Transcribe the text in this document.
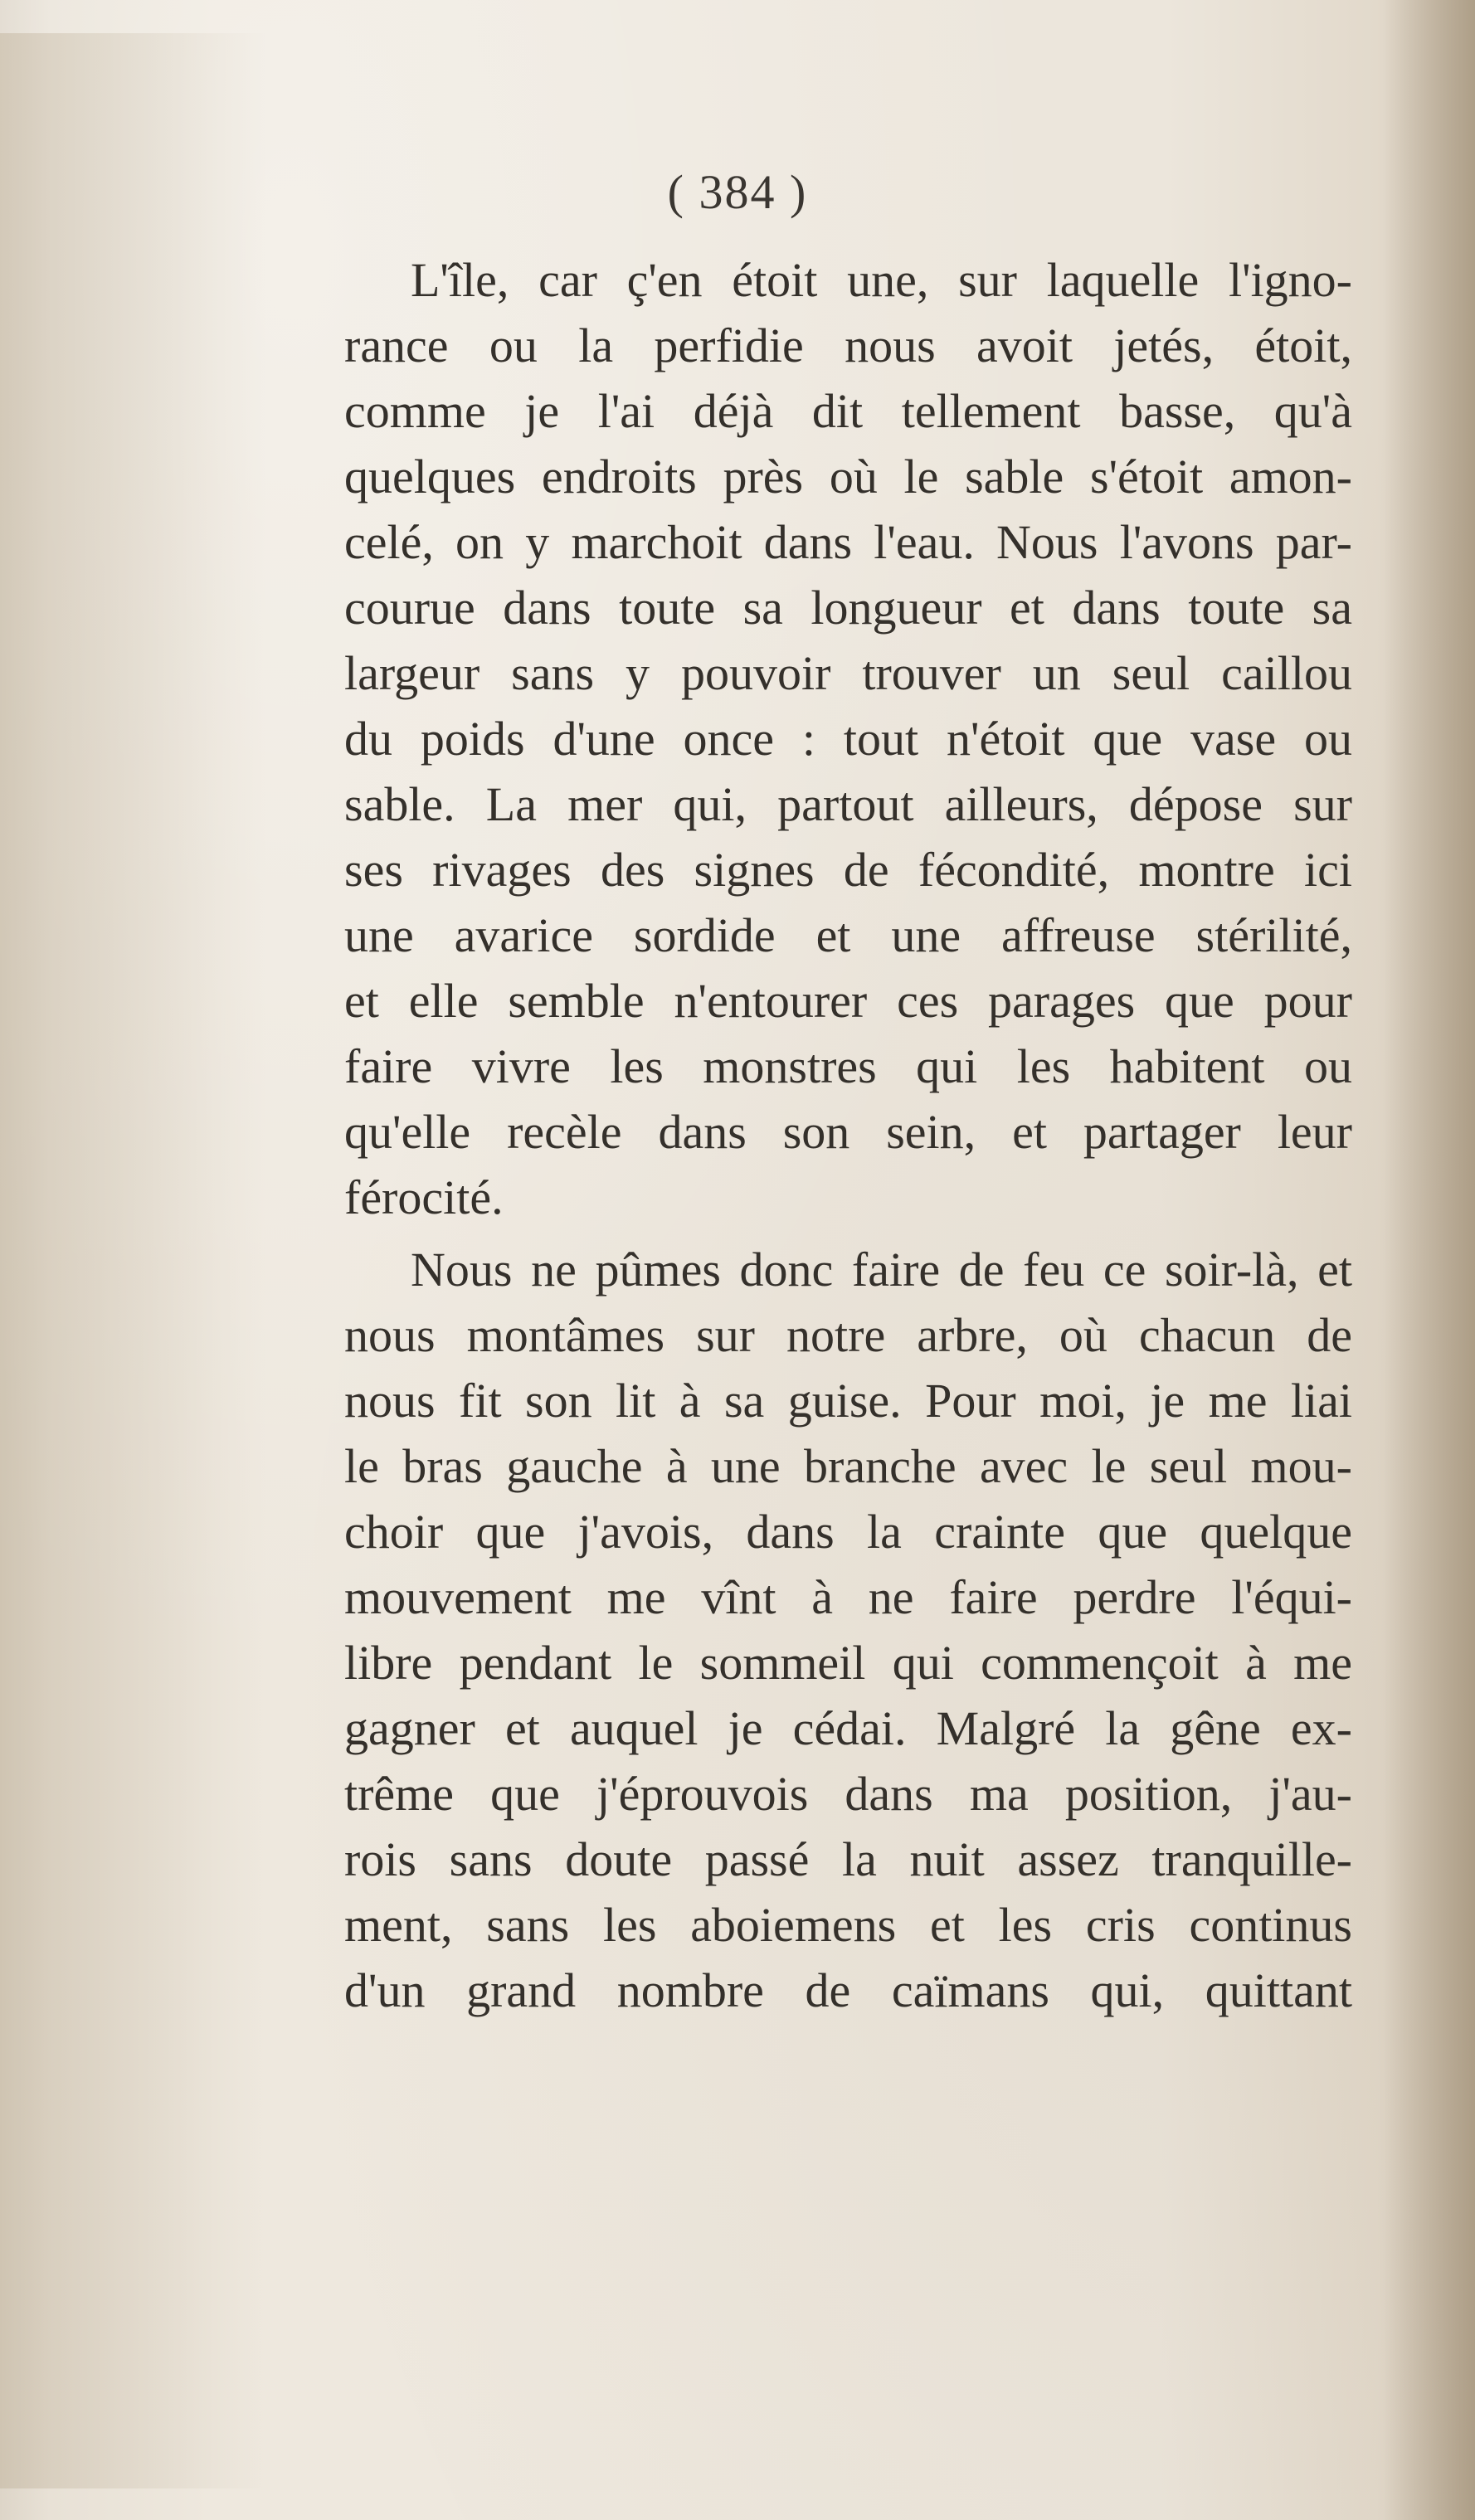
( 384 )

L'île, car ç'en étoit une, sur laquelle l'igno-
rance ou la perfidie nous avoit jetés, étoit,
comme je l'ai déjà dit tellement basse, qu'à
quelques endroits près où le sable s'étoit amon-
celé, on y marchoit dans l'eau. Nous l'avons par-
courue dans toute sa longueur et dans toute sa
largeur sans y pouvoir trouver un seul caillou
du poids d'une once : tout n'étoit que vase ou
sable. La mer qui, partout ailleurs, dépose sur
ses rivages des signes de fécondité, montre ici
une avarice sordide et une affreuse stérilité,
et elle semble n'entourer ces parages que pour
faire vivre les monstres qui les habitent ou
qu'elle recèle dans son sein, et partager leur
férocité.

Nous ne pûmes donc faire de feu ce soir-là, et
nous montâmes sur notre arbre, où chacun de
nous fit son lit à sa guise. Pour moi, je me liai
le bras gauche à une branche avec le seul mou-
choir que j'avois, dans la crainte que quelque
mouvement me vînt à ne faire perdre l'équi-
libre pendant le sommeil qui commençoit à me
gagner et auquel je cédai. Malgré la gêne ex-
trême que j'éprouvois dans ma position, j'au-
rois sans doute passé la nuit assez tranquille-
ment, sans les aboiemens et les cris continus
d'un grand nombre de caïmans qui, quittant
